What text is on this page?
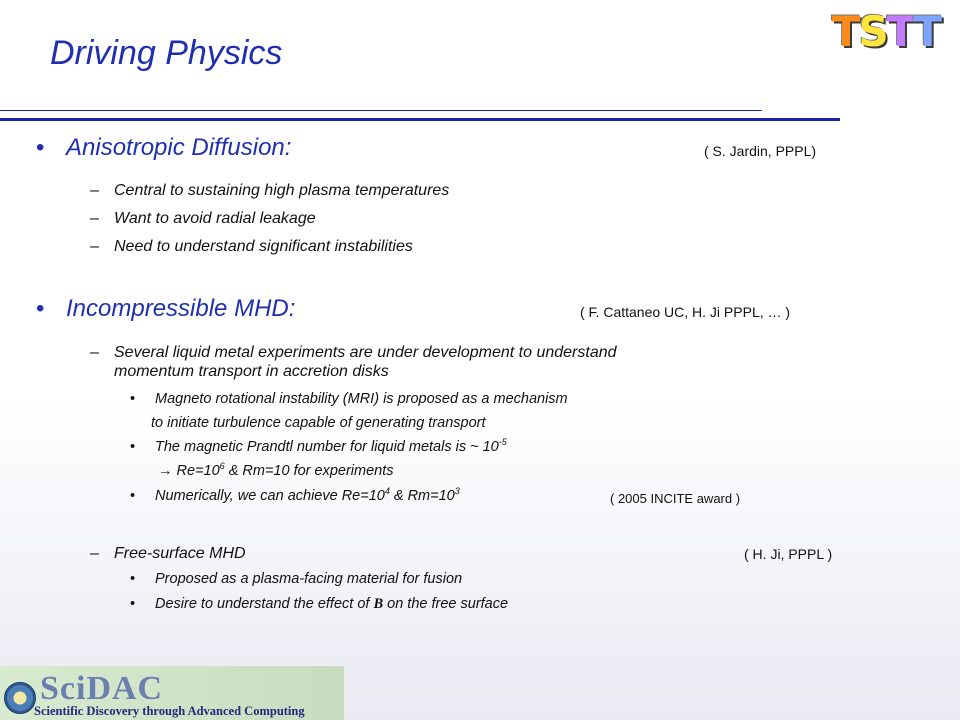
Driving Physics	T
S
T
T
• Anisotropic Diffusion:	( S. Jardin, PPPL)
– Central to sustaining high plasma temperatures
– Want to avoid radial leakage
– Need to understand significant instabilities
• Incompressible MHD:	( F. Cattaneo UC, H. Ji PPPL, … )
– Several liquid metal experiments are under development to understand
momentum transport in accretion disks
• Magneto rotational instability (MRI) is proposed as a mechanism
to initiate turbulence capable of generating transport
• The magnetic Prandtl number for liquid metals is ~ $10^{-5}$
→ $Re=10^6$ & Rm=10 for experiments
• Numerically, we can achieve $Re=10^4$ & $Rm=10^3$	( 2005 INCITE award )
– Free-surface MHD	( H. Ji, PPPL )
• Proposed as a plasma-facing material for fusion
• Desire to understand the effect of B on the free surface
SciDAC
Scientific Discovery through Advanced Computing
